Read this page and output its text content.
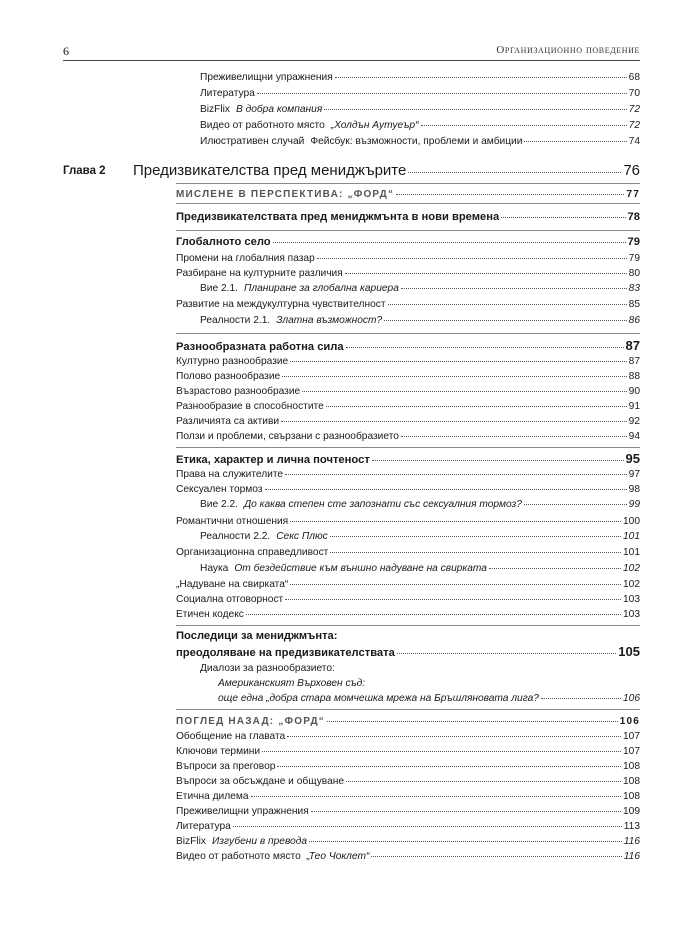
6	Организационно поведение
Преживелищни упражнения	68
Литература	70
BizFlix В добра компания	72
Видео от работното място „Холдън Аутуеър“	72
Илюстративен случай Фейсбук: възможности, проблеми и амбиции	74
Глава 2 Предизвикателства пред мениджърите	76
МИСЛЕНЕ В ПЕРСПЕКТИВА: „ФОРД“	77
Предизвикателствата пред мениджмънта в нови времена	78
Глобалното село	79
Промени на глобалния пазар	79
Разбиране на културните различия	80
Вие 2.1. Планиране за глобална кариера	83
Развитие на междукултурна чувствителност	85
Реалности 2.1. Златна възможност?	86
Разнообразната работна сила	87
Културно разнообразие	87
Полово разнообразие	88
Възрастово разнообразие	90
Разнообразие в способностите	91
Различията са активи	92
Ползи и проблеми, свързани с разнообразието	94
Етика, характер и лична почтеност	95
Права на служителите	97
Сексуален тормоз	98
Вие 2.2. До каква степен сте запознати със сексуалния тормоз?	99
Романтични отношения	100
Реалности 2.2. Секс Плюс	101
Организационна справедливост	101
Наука От бездействие към външно надуване на свирката	102
„Надуване на свирката“	102
Социална отговорност	103
Етичен кодекс	103
Последици за мениджмънта:
преодоляване на предизвикателствата	105
Диалози за разнообразието:
Американският Върховен съд:
още една „добра стара момчешка мрежа на Бръшляновата лига?	106
ПОГЛЕД НАЗАД: „ФОРД“	106
Обобщение на главата	107
Ключови термини	107
Въпроси за преговор	108
Въпроси за обсъждане и общуване	108
Етична дилема	108
Преживелищни упражнения	109
Литература	113
BizFlix Изгубени в превода	116
Видео от работното място „Тео Чоклет“	116
